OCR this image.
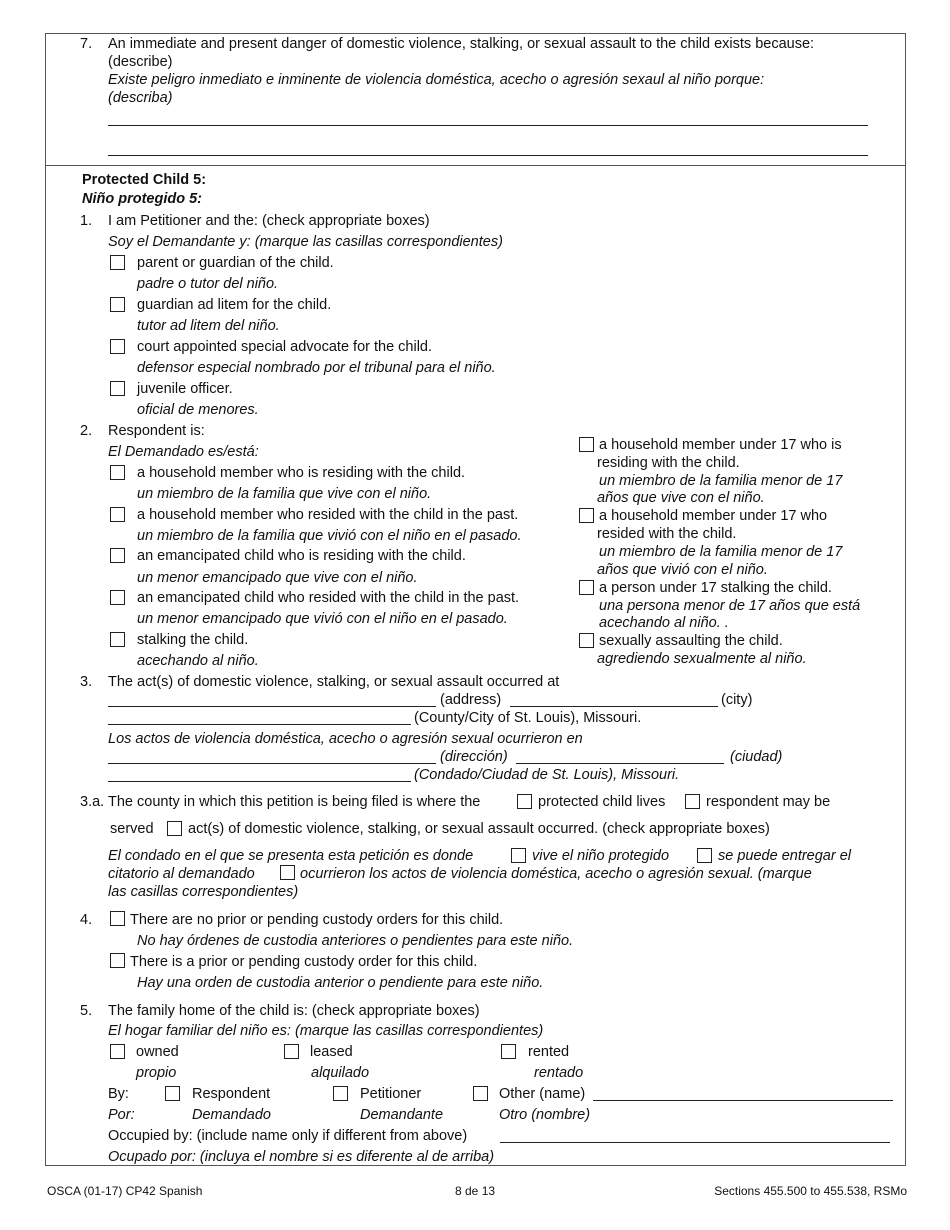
7. An immediate and present danger of domestic violence, stalking, or sexual assault to the child exists because:
(describe)
Existe peligro inmediato e inminente de violencia doméstica, acecho o agresión sexaul al niño porque:
(describa)
Protected Child 5:
Niño protegido 5:
1. I am Petitioner and the: (check appropriate boxes)
Soy el Demandante y: (marque las casillas correspondientes)
parent or guardian of the child.
padre o tutor del niño.
guardian ad litem for the child.
tutor ad litem del niño.
court appointed special advocate for the child.
defensor especial nombrado por el tribunal para el niño.
juvenile officer.
oficial de menores.
2. Respondent is:
El Demandado es/está:
a household member who is residing with the child.
un miembro de la familia que vive con el niño.
a household member who resided with the child in the past.
un miembro de la familia que vivió con el niño en el pasado.
an emancipated child who is residing with the child.
un menor emancipado que vive con el niño.
an emancipated child who resided with the child in the past.
un menor emancipado que vivió con el niño en el pasado.
stalking the child.
acechando al niño.
a household member under 17 who is
residing with the child.
un miembro de la familia menor de 17
años que vive con el niño.
a household member under 17 who
resided with the child.
un miembro de la familia menor de 17
años que vivió con el niño.
a person under 17 stalking the child.
una persona menor de 17 años que está
acechando al niño. .
sexually assaulting the child.
agrediendo sexualmente al niño.
3. The act(s) of domestic violence, stalking, or sexual assault occurred at
(address)	(city)
(County/City of St. Louis), Missouri.
Los actos de violencia doméstica, acecho o agresión sexual ocurrieron en
(dirección)	(ciudad)
(Condado/Ciudad de St. Louis), Missouri.
3.a. The county in which this petition is being filed is where the	protected child lives	respondent may be
served act(s) of domestic violence, stalking, or sexual assault occurred. (check appropriate boxes)
El condado en el que se presenta esta petición es donde	vive el niño protegido	se puede entregar el
citatorio al demandado	ocurrieron los actos de violencia doméstica, acecho o agresión sexual. (marque
las casillas correspondientes)
4.	There are no prior or pending custody orders for this child.
No hay órdenes de custodia anteriores o pendientes para este niño.
There is a prior or pending custody order for this child.
Hay una orden de custodia anterior o pendiente para este niño.
5. The family home of the child is: (check appropriate boxes)
El hogar familiar del niño es: (marque las casillas correspondientes)
owned	leased	rented
propio	alquilado	rentado
By:	Respondent	Petitioner	Other (name)
Por:	Demandado	Demandante	Otro (nombre)
Occupied by: (include name only if different from above)
Ocupado por: (incluya el nombre si es diferente al de arriba)
OSCA (01-17) CP42 Spanish	8 de 13	Sections 455.500 to 455.538, RSMo
